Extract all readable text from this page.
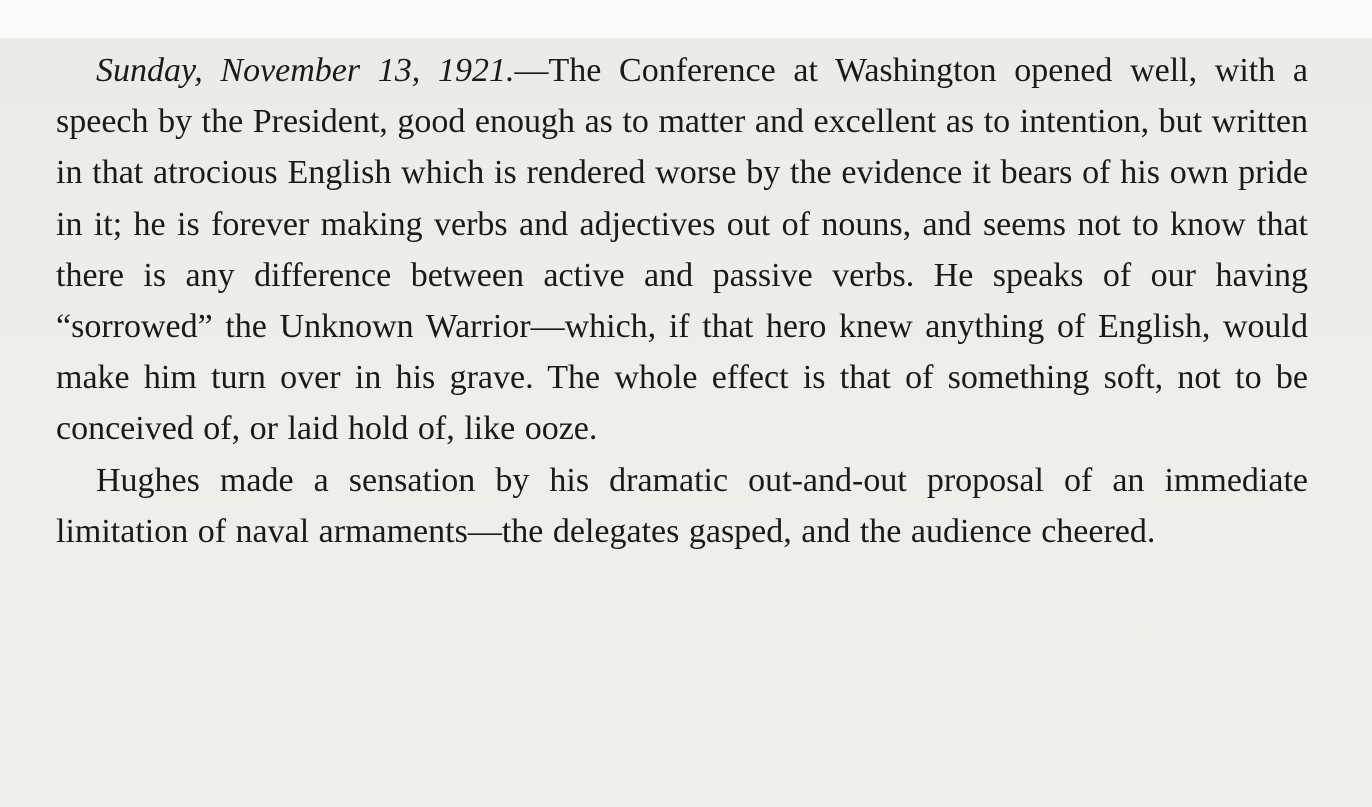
Sunday, November 13, 1921.—The Conference at Washington opened well, with a speech by the President, good enough as to matter and excellent as to intention, but written in that atrocious English which is rendered worse by the evidence it bears of his own pride in it; he is forever making verbs and adjectives out of nouns, and seems not to know that there is any difference between active and passive verbs. He speaks of our having “sorrowed” the Unknown Warrior—which, if that hero knew anything of English, would make him turn over in his grave. The whole effect is that of something soft, not to be conceived of, or laid hold of, like ooze.

Hughes made a sensation by his dramatic out-and-out proposal of an immediate limitation of naval armaments—the delegates gasped, and the audience cheered.
